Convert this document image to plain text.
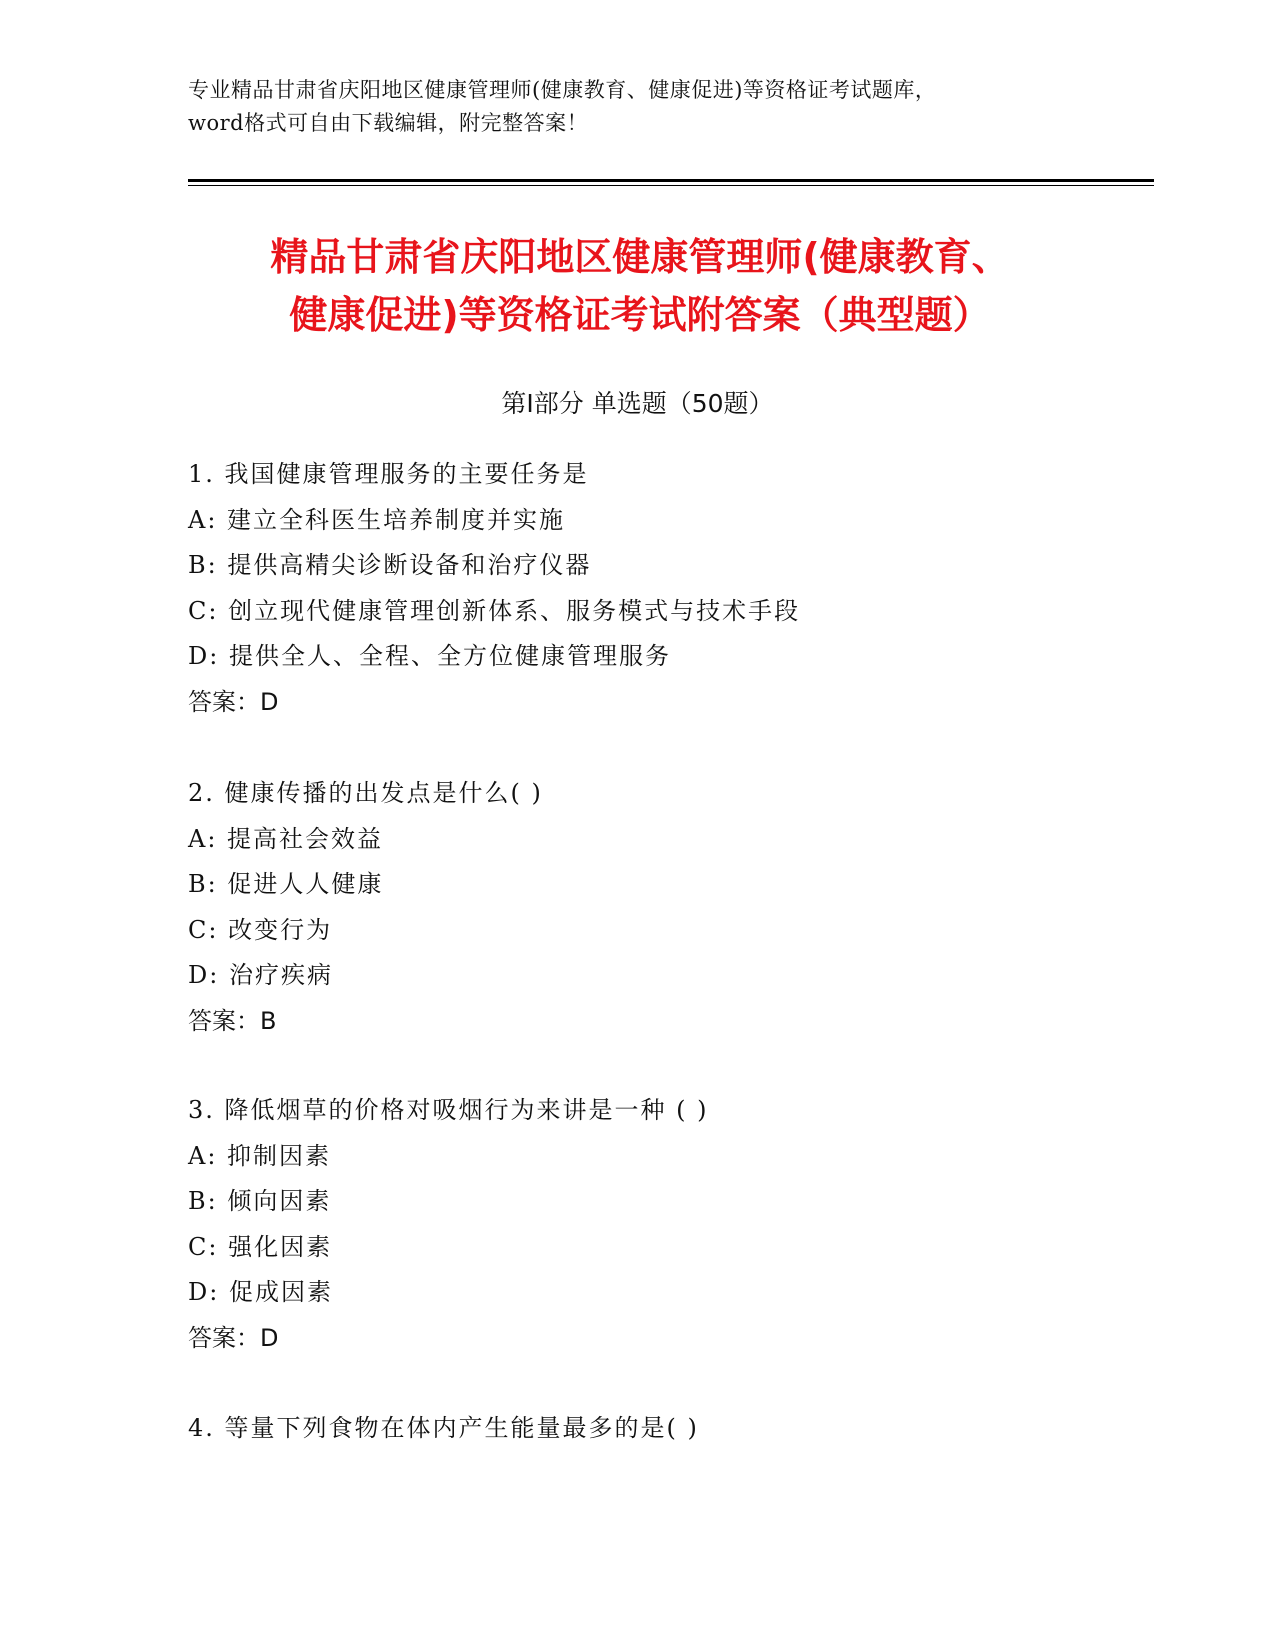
专业精品甘肃省庆阳地区健康管理师(健康教育、健康促进)等资格证考试题库，
word格式可自由下载编辑，附完整答案！
精品甘肃省庆阳地区健康管理师(健康教育、
健康促进)等资格证考试附答案（典型题）
第Ⅰ部分 单选题（50题）
1. 我国健康管理服务的主要任务是
A: 建立全科医生培养制度并实施
B: 提供高精尖诊断设备和治疗仪器
C: 创立现代健康管理创新体系、服务模式与技术手段
D: 提供全人、全程、全方位健康管理服务
答案：D
2. 健康传播的出发点是什么( )
A: 提高社会效益
B: 促进人人健康
C: 改变行为
D: 治疗疾病
答案：B
3. 降低烟草的价格对吸烟行为来讲是一种 ( )
A: 抑制因素
B: 倾向因素
C: 强化因素
D: 促成因素
答案：D
4. 等量下列食物在体内产生能量最多的是( )
